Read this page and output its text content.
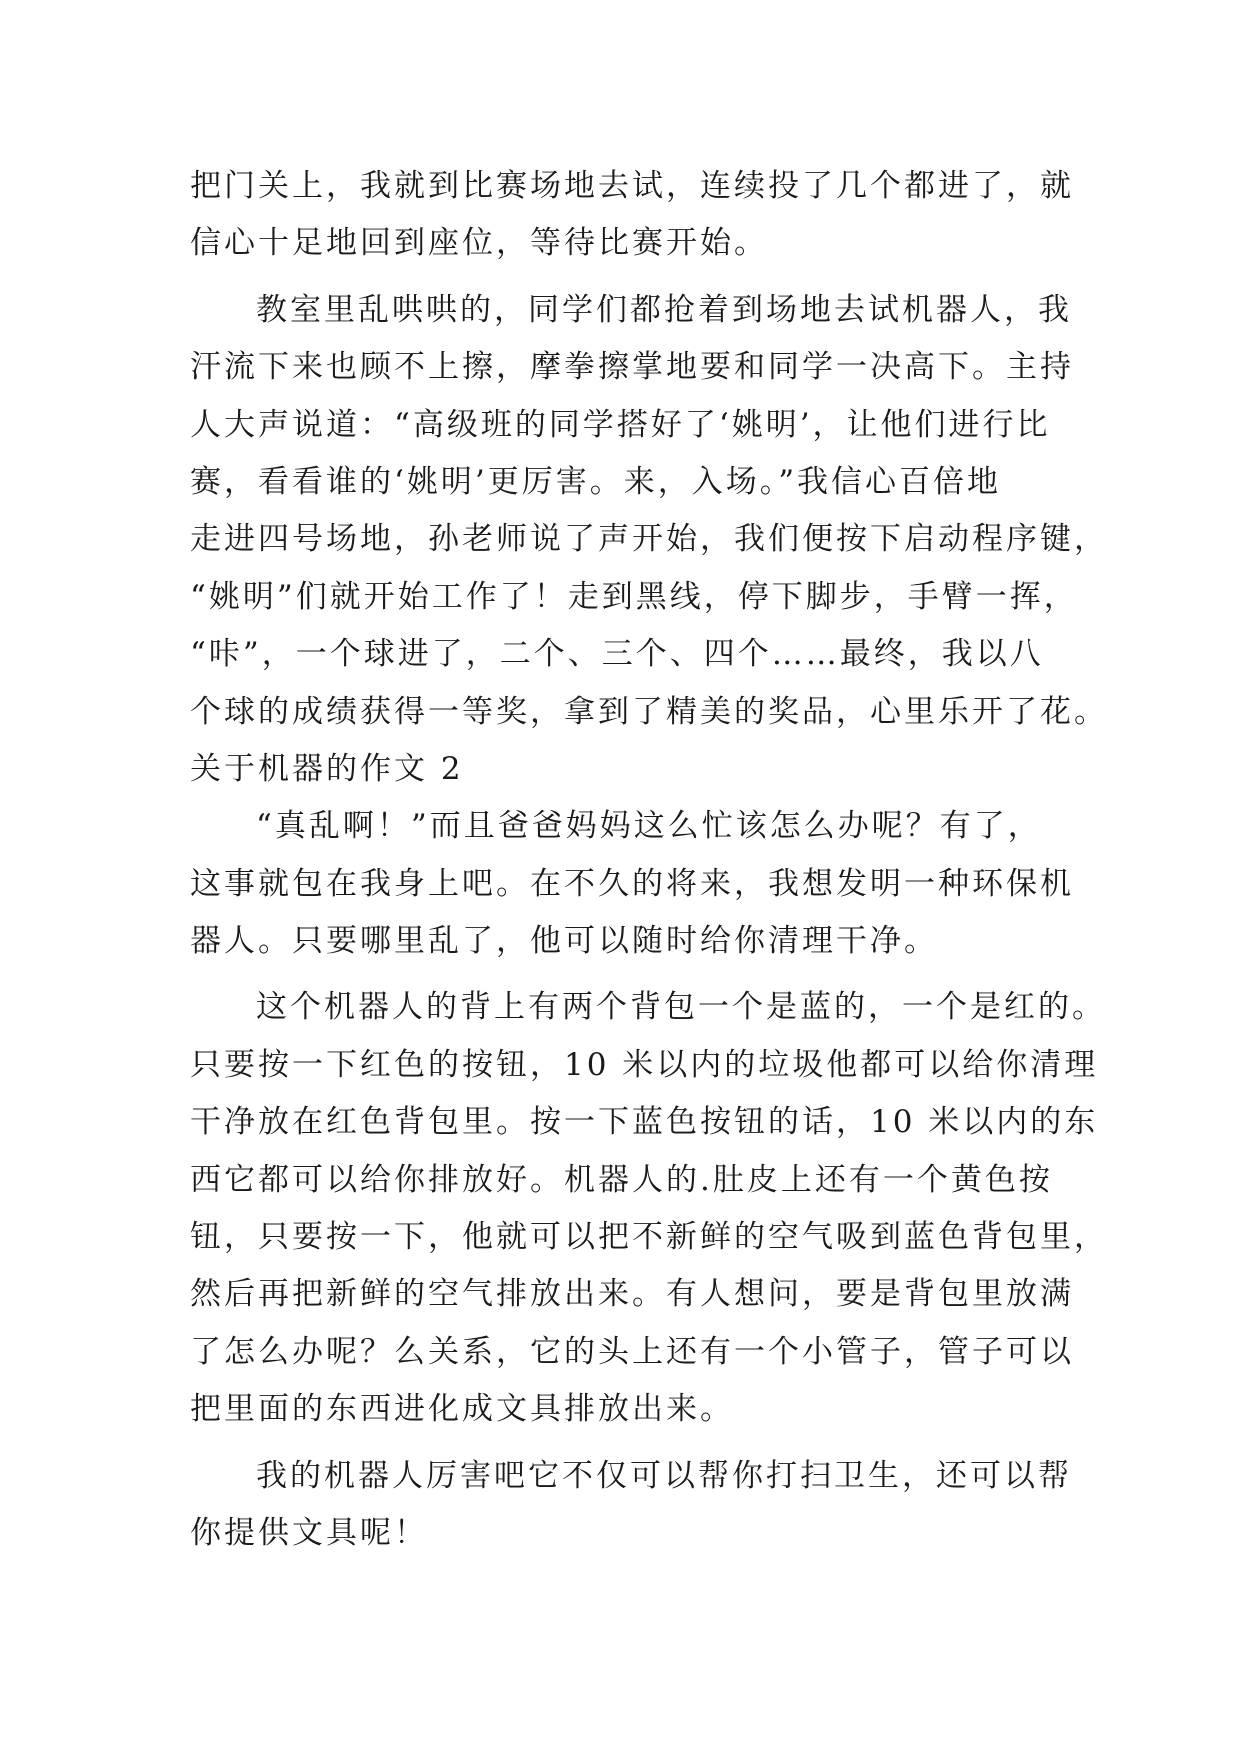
把门关上，我就到比赛场地去试，连续投了几个都进了，就
信心十足地回到座位，等待比赛开始。
教室里乱哄哄的，同学们都抢着到场地去试机器人，我
汗流下来也顾不上擦，摩拳擦掌地要和同学一决高下。主持
人大声说道：“高级班的同学搭好了‘姚明’，让他们进行比
赛，看看谁的‘姚明’更厉害。来，入场。”我信心百倍地
走进四号场地，孙老师说了声开始，我们便按下启动程序键，
“姚明”们就开始工作了！走到黑线，停下脚步，手臂一挥，
“咔”，一个球进了，二个、三个、四个……最终，我以八
个球的成绩获得一等奖，拿到了精美的奖品，心里乐开了花。
关于机器的作文 2
“真乱啊！”而且爸爸妈妈这么忙该怎么办呢？有了，
这事就包在我身上吧。在不久的将来，我想发明一种环保机
器人。只要哪里乱了，他可以随时给你清理干净。
这个机器人的背上有两个背包一个是蓝的，一个是红的。
只要按一下红色的按钮，10 米以内的垃圾他都可以给你清理
干净放在红色背包里。按一下蓝色按钮的话，10 米以内的东
西它都可以给你排放好。机器人的.肚皮上还有一个黄色按
钮，只要按一下，他就可以把不新鲜的空气吸到蓝色背包里，
然后再把新鲜的空气排放出来。有人想问，要是背包里放满
了怎么办呢？么关系，它的头上还有一个小管子，管子可以
把里面的东西进化成文具排放出来。
我的机器人厉害吧它不仅可以帮你打扫卫生，还可以帮
你提供文具呢！
